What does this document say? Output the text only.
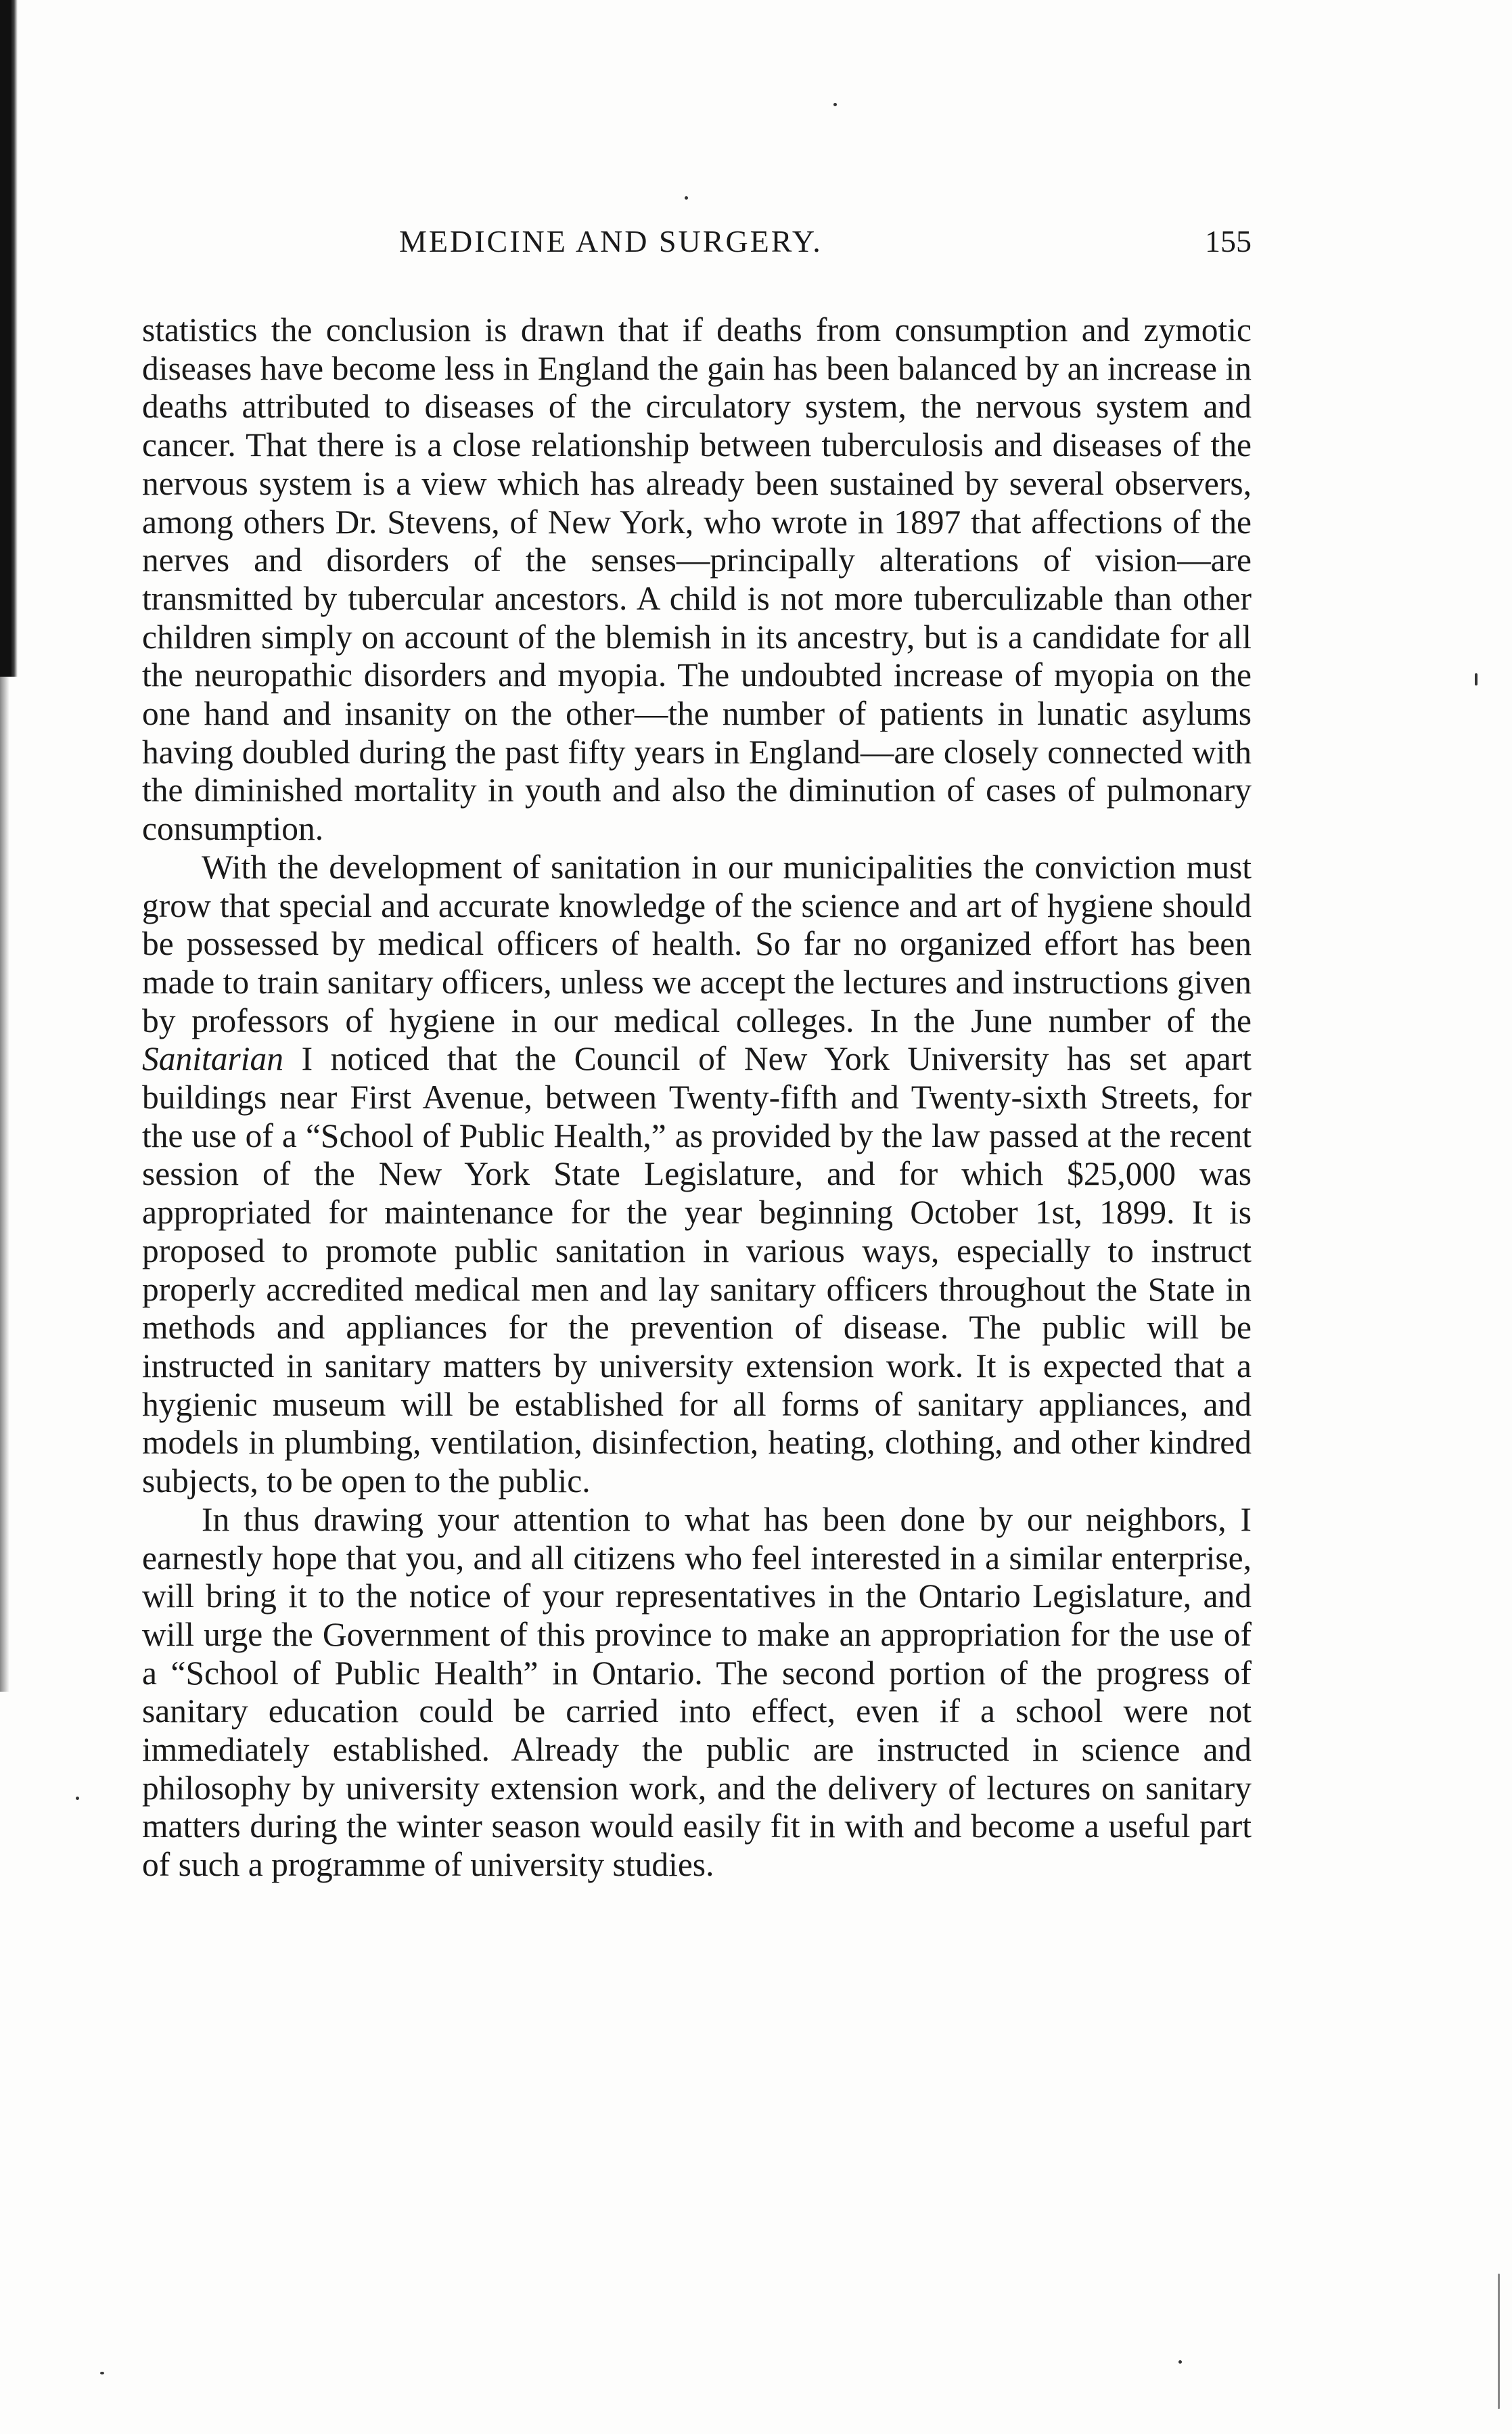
MEDICINE AND SURGERY.	155

statistics the conclusion is drawn that if deaths from consumption and zymotic diseases have become less in England the gain has been balanced by an increase in deaths attributed to diseases of the circulatory system, the nervous system and cancer. That there is a close relationship between tuberculosis and diseases of the nervous system is a view which has already been sustained by several observers, among others Dr. Stevens, of New York, who wrote in 1897 that affections of the nerves and disorders of the senses—principally alterations of vision—are transmitted by tubercular ancestors. A child is not more tuberculizable than other children simply on account of the blemish in its ancestry, but is a candidate for all the neuropathic disorders and myopia. The undoubted increase of myopia on the one hand and insanity on the other—the number of patients in lunatic asylums having doubled during the past fifty years in England—are closely connected with the diminished mortality in youth and also the diminution of cases of pulmonary consumption.

With the development of sanitation in our municipalities the conviction must grow that special and accurate knowledge of the science and art of hygiene should be possessed by medical officers of health. So far no organized effort has been made to train sanitary officers, unless we accept the lectures and instructions given by professors of hygiene in our medical colleges. In the June number of the Sanitarian I noticed that the Council of New York University has set apart buildings near First Avenue, between Twenty-fifth and Twenty-sixth Streets, for the use of a “School of Public Health,” as provided by the law passed at the recent session of the New York State Legislature, and for which $25,000 was appropriated for maintenance for the year beginning October 1st, 1899. It is proposed to promote public sanitation in various ways, especially to instruct properly accredited medical men and lay sanitary officers throughout the State in methods and appliances for the prevention of disease. The public will be instructed in sanitary matters by university extension work. It is expected that a hygienic museum will be established for all forms of sanitary appliances, and models in plumbing, ventilation, disinfection, heating, clothing, and other kindred subjects, to be open to the public.

In thus drawing your attention to what has been done by our neighbors, I earnestly hope that you, and all citizens who feel interested in a similar enterprise, will bring it to the notice of your representatives in the Ontario Legislature, and will urge the Government of this province to make an appropriation for the use of a “School of Public Health” in Ontario. The second portion of the progress of sanitary education could be carried into effect, even if a school were not immediately established. Already the public are instructed in science and philosophy by university extension work, and the delivery of lectures on sanitary matters during the winter season would easily fit in with and become a useful part of such a programme of university studies.
